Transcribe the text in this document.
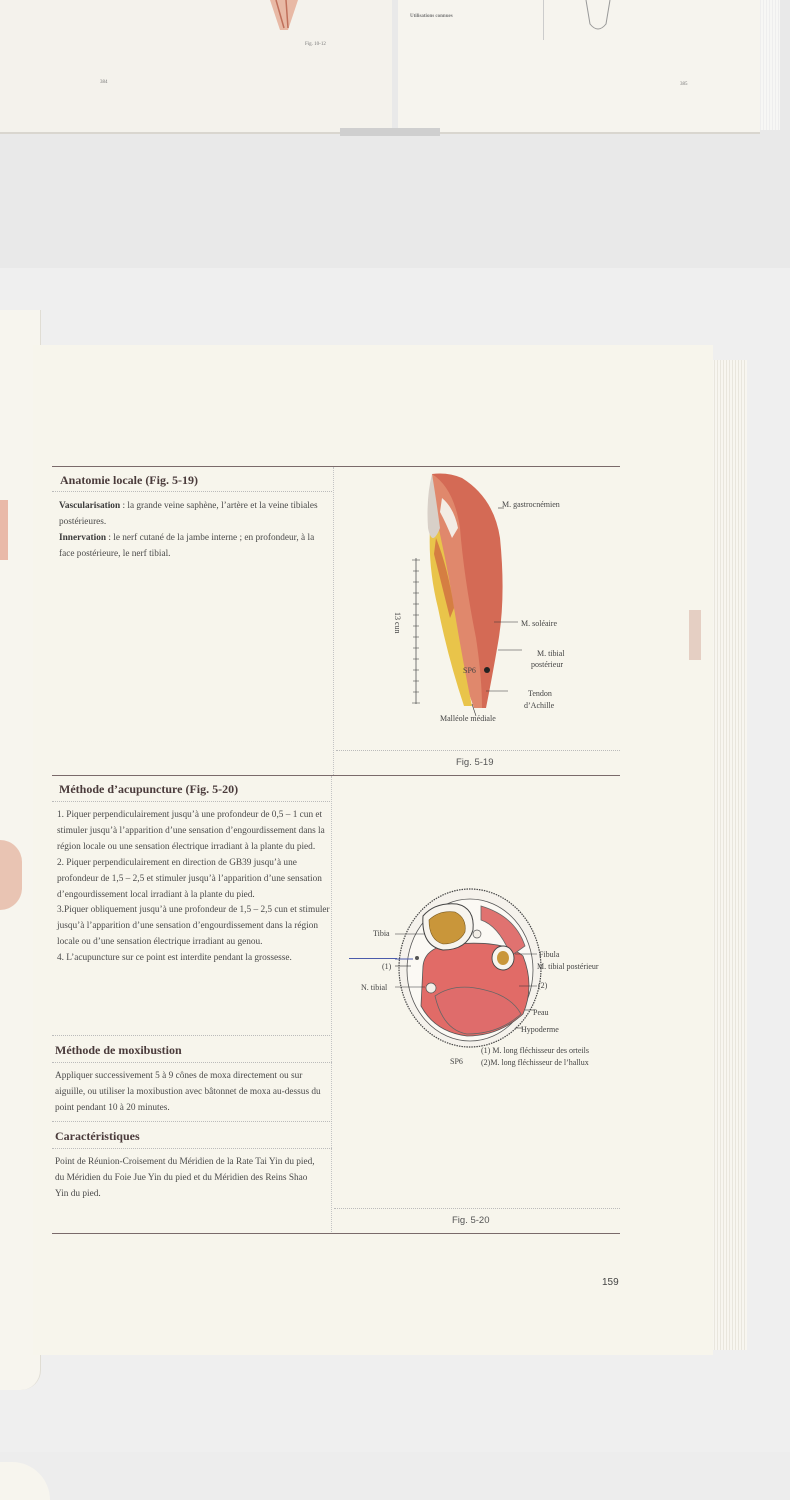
Fig. 10-12
384
Utilisations connues
385
Anatomie locale (Fig. 5-19)

Vascularisation : la grande veine saphène, l’artère et la veine tibiales postérieures.

Innervation : le nerf cutané de la jambe interne ; en profondeur, à la face postérieure, le nerf tibial.

M. gastrocnémien
13 cun	M. soléaire
M. tibial
postérieur
SP6
Tendon
d’Achille
Malléole médiale
Fig. 5-19
Méthode d’acupuncture (Fig. 5-20)

1. Piquer perpendiculairement jusqu’à une profondeur de 0,5 – 1 cun et stimuler jusqu’à l’apparition d’une sensation d’engourdissement dans la région locale ou une sensation électrique irradiant à la plante du pied.

2. Piquer perpendiculairement en direction de GB39 jusqu’à une profondeur de 1,5 – 2,5 et stimuler jusqu’à l’apparition d’une sensation d’engourdissement local irradiant à la plante du pied.

3.Piquer obliquement jusqu’à une profondeur de 1,5 – 2,5 cun et stimuler jusqu’à l’apparition d’une sensation d’engourdissement dans la région locale ou d’une sensation électrique irradiant au genou.

4. L’acupuncture sur ce point est interdite pendant la grossesse.

Méthode de moxibustion

Appliquer successivement 5 à 9 cônes de moxa directement ou sur aiguille, ou utiliser la moxibustion avec bâtonnet de moxa au-dessus du point pendant 10 à 20 minutes.

Caractéristiques

Point de Réunion-Croisement du Méridien de la Rate Tai Yin du pied, du Méridien du Foie Jue Yin du pied et du Méridien des Reins Shao Yin du pied.

Tibia
(1)
N. tibial
Fibula
M. tibial postérieur
(2)
Peau
Hypoderme
SP6
(1) M. long fléchisseur des orteils
(2)M. long fléchisseur de l’hallux
Fig. 5-20
159
